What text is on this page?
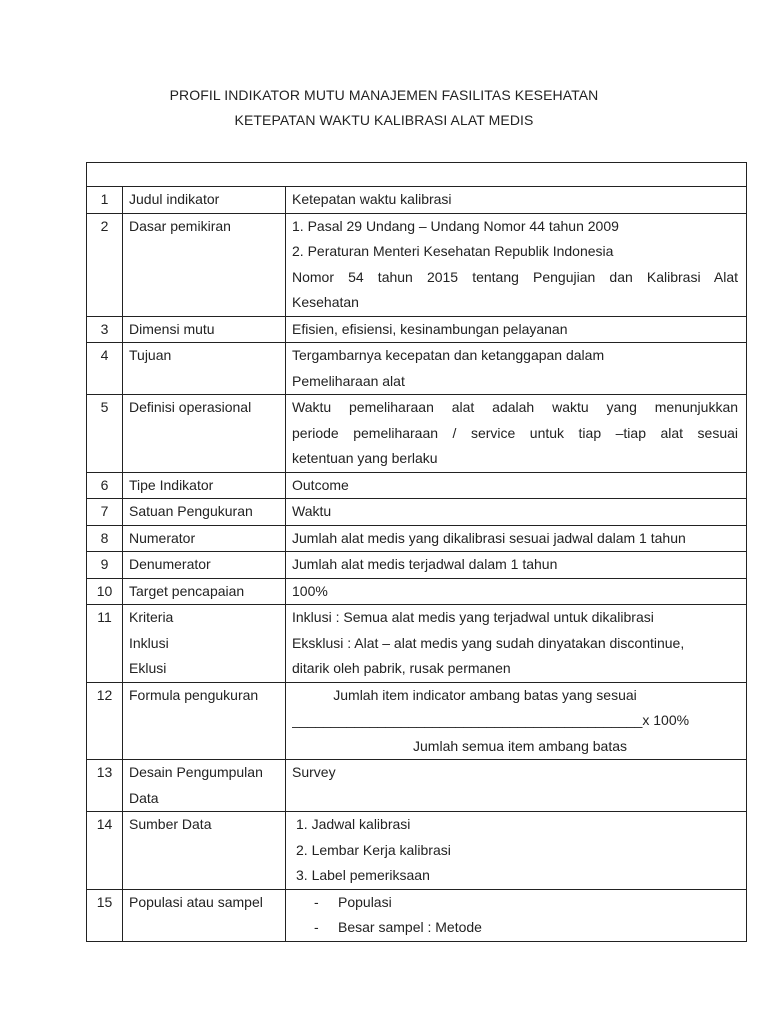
PROFIL INDIKATOR MUTU MANAJEMEN FASILITAS KESEHATAN
KETEPATAN WAKTU KALIBRASI ALAT MEDIS

1	Judul indikator	Ketepatan waktu kalibrasi

2	Dasar pemikiran	1. Pasal 29 Undang – Undang Nomor 44 tahun 2009
2. Peraturan Menteri Kesehatan Republik Indonesia
Nomor 54 tahun 2015 tentang Pengujian dan Kalibrasi Alat
Kesehatan

3	Dimensi mutu	Efisien, efisiensi, kesinambungan pelayanan

4	Tujuan	Tergambarnya kecepatan dan ketanggapan dalam
Pemeliharaan alat

5	Definisi operasional	Waktu pemeliharaan alat adalah waktu yang menunjukkan
periode pemeliharaan / service untuk tiap –tiap alat sesuai
ketentuan yang berlaku

6	Tipe Indikator	Outcome

7	Satuan Pengukuran	Waktu

8	Numerator	Jumlah alat medis yang dikalibrasi sesuai jadwal dalam 1 tahun

9	Denumerator	Jumlah alat medis terjadwal dalam 1 tahun

10	Target pencapaian	100%

11	Kriteria
Inklusi
Eklusi	Inklusi : Semua alat medis yang terjadwal untuk dikalibrasi
Eksklusi : Alat – alat medis yang sudah dinyatakan discontinue,
ditarik oleh pabrik, rusak permanen

12	Formula pengukuran	Jumlah item indicator ambang batas yang sesuai
_____________________________________________x 100%
Jumlah semua item ambang batas

13	Desain Pengumpulan
Data	Survey

14	Sumber Data	1. Jadwal kalibrasi
2. Lembar Kerja kalibrasi
3. Label pemeriksaan

15	Populasi atau sampel	- Populasi
- Besar sampel : Metode
